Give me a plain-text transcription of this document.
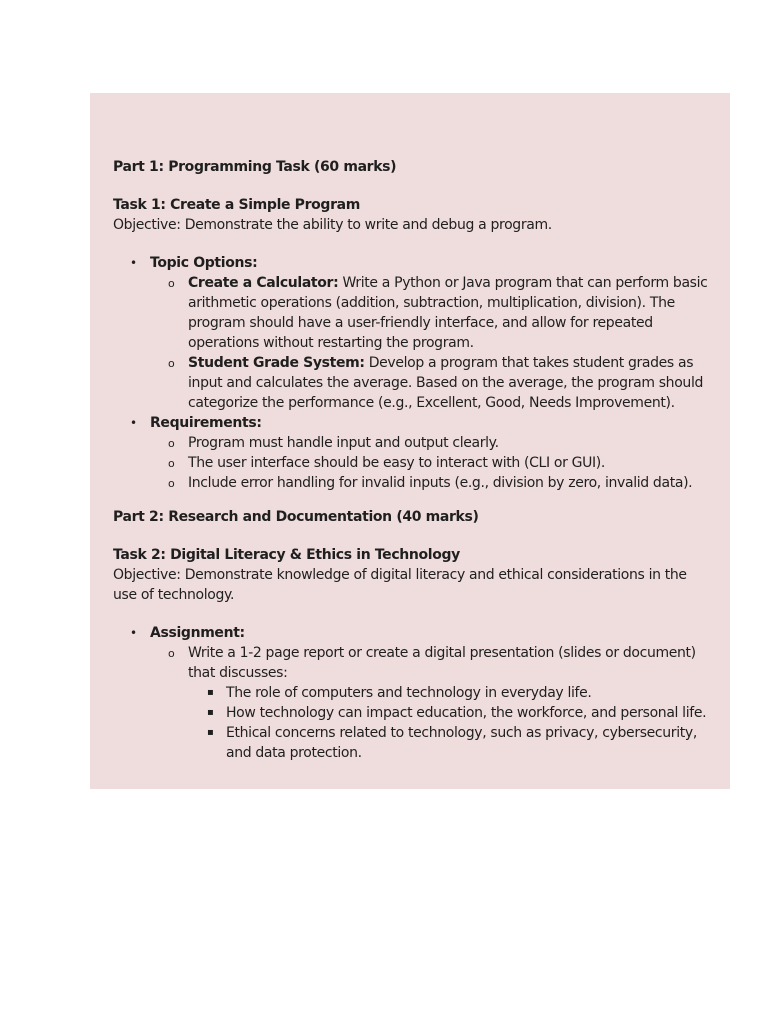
Part 1: Programming Task (60 marks)

Task 1: Create a Simple Program

Objective: Demonstrate the ability to write and debug a program.

• Topic Options:
o Create a Calculator: Write a Python or Java program that can perform basic arithmetic operations (addition, subtraction, multiplication, division). The program should have a user-friendly interface, and allow for repeated operations without restarting the program.
o Student Grade System: Develop a program that takes student grades as input and calculates the average. Based on the average, the program should categorize the performance (e.g., Excellent, Good, Needs Improvement).
• Requirements:
o Program must handle input and output clearly.
o The user interface should be easy to interact with (CLI or GUI).
o Include error handling for invalid inputs (e.g., division by zero, invalid data).

Part 2: Research and Documentation (40 marks)

Task 2: Digital Literacy & Ethics in Technology

Objective: Demonstrate knowledge of digital literacy and ethical considerations in the use of technology.

• Assignment:
o Write a 1-2 page report or create a digital presentation (slides or document) that discusses:
▪ The role of computers and technology in everyday life.
▪ How technology can impact education, the workforce, and personal life.
▪ Ethical concerns related to technology, such as privacy, cybersecurity, and data protection.
